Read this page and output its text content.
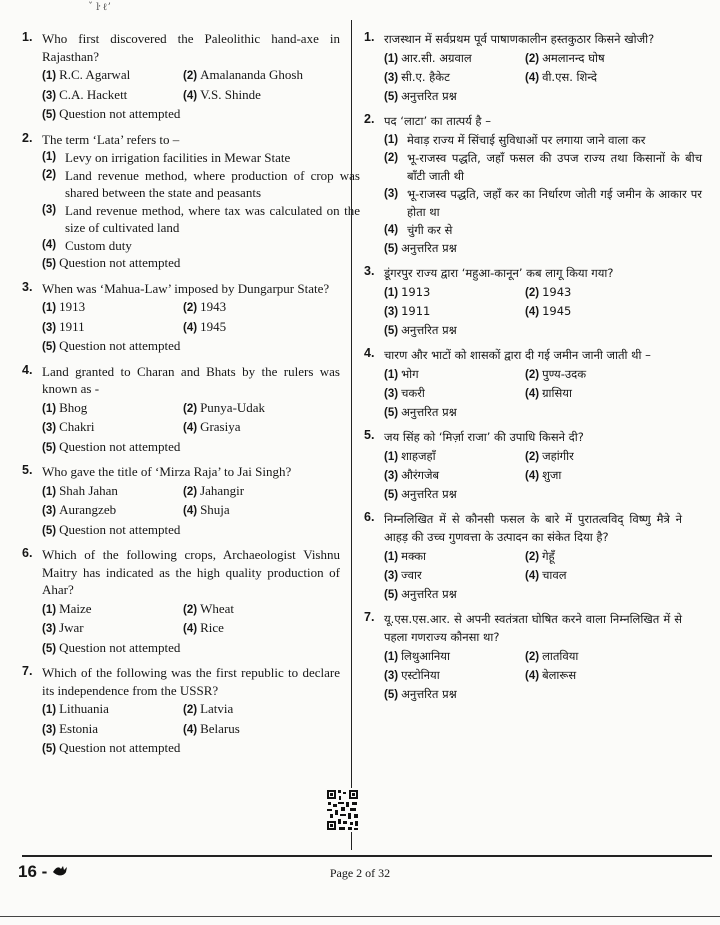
ˇ ŀ ℓʼ
1. Who first discovered the Paleolithic hand-axe in Rajasthan?
(1) R.C. Agarwal	(2) Amalananda Ghosh
(3) C.A. Hackett	(4) V.S. Shinde
(5) Question not attempted
2. The term ‘Lata’ refers to –
(1) Levy on irrigation facilities in Mewar State
(2) Land revenue method, where production of crop was shared between the state and peasants
(3) Land revenue method, where tax was calculated on the size of cultivated land
(4) Custom duty
(5) Question not attempted
3. When was ‘Mahua-Law’ imposed by Dungarpur State?
(1) 1913	(2) 1943
(3) 1911	(4) 1945
(5) Question not attempted
4. Land granted to Charan and Bhats by the rulers was known as -
(1) Bhog	(2) Punya-Udak
(3) Chakri	(4) Grasiya
(5) Question not attempted
5. Who gave the title of ‘Mirza Raja’ to Jai Singh?
(1) Shah Jahan	(2) Jahangir
(3) Aurangzeb	(4) Shuja
(5) Question not attempted
6. Which of the following crops, Archaeologist Vishnu Maitry has indicated as the high quality production of Ahar?
(1) Maize	(2) Wheat
(3) Jwar	(4) Rice
(5) Question not attempted
7. Which of the following was the first republic to declare its independence from the USSR?
(1) Lithuania	(2) Latvia
(3) Estonia	(4) Belarus
(5) Question not attempted
1. राजस्थान में सर्वप्रथम पूर्व पाषाणकालीन हस्तकुठार किसने खोजी?
(1) आर.सी. अग्रवाल	(2) अमलानन्द घोष
(3) सी.ए. हैकेट	(4) वी.एस. शिन्दे
(5) अनुत्तरित प्रश्न
2. पद ‘लाटा’ का तात्पर्य है –
(1) मेवाड़ राज्य में सिंचाई सुविधाओं पर लगाया जाने वाला कर
(2) भू-राजस्व पद्धति, जहाँ फसल की उपज राज्य तथा किसानों के बीच बाँटी जाती थी
(3) भू-राजस्व पद्धति, जहाँ कर का निर्धारण जोती गई जमीन के आकार पर होता था
(4) चुंगी कर से
(5) अनुत्तरित प्रश्न
3. डूंगरपुर राज्य द्वारा ‘महुआ-कानून’ कब लागू किया गया?
(1) 1913	(2) 1943
(3) 1911	(4) 1945
(5) अनुत्तरित प्रश्न
4. चारण और भाटों को शासकों द्वारा दी गई जमीन जानी जाती थी –
(1) भोग	(2) पुण्य-उदक
(3) चकरी	(4) ग्रासिया
(5) अनुत्तरित प्रश्न
5. जय सिंह को ‘मिर्ज़ा राजा’ की उपाधि किसने दी?
(1) शाहजहाँ	(2) जहांगीर
(3) औरंगजेब	(4) शुजा
(5) अनुत्तरित प्रश्न
6. निम्नलिखित में से कौनसी फसल के बारे में पुरातत्वविद् विष्णु मैत्रे ने आहड़ की उच्च गुणवत्ता के उत्पादन का संकेत दिया है?
(1) मक्का	(2) गेहूँ
(3) ज्वार	(4) चावल
(5) अनुत्तरित प्रश्न
7. यू.एस.एस.आर. से अपनी स्वतंत्रता घोषित करने वाला निम्नलिखित में से पहला गणराज्य कौनसा था?
(1) लिथुआनिया	(2) लातविया
(3) एस्टोनिया	(4) बेलारूस
(5) अनुत्तरित प्रश्न
16 -	Page 2 of 32
